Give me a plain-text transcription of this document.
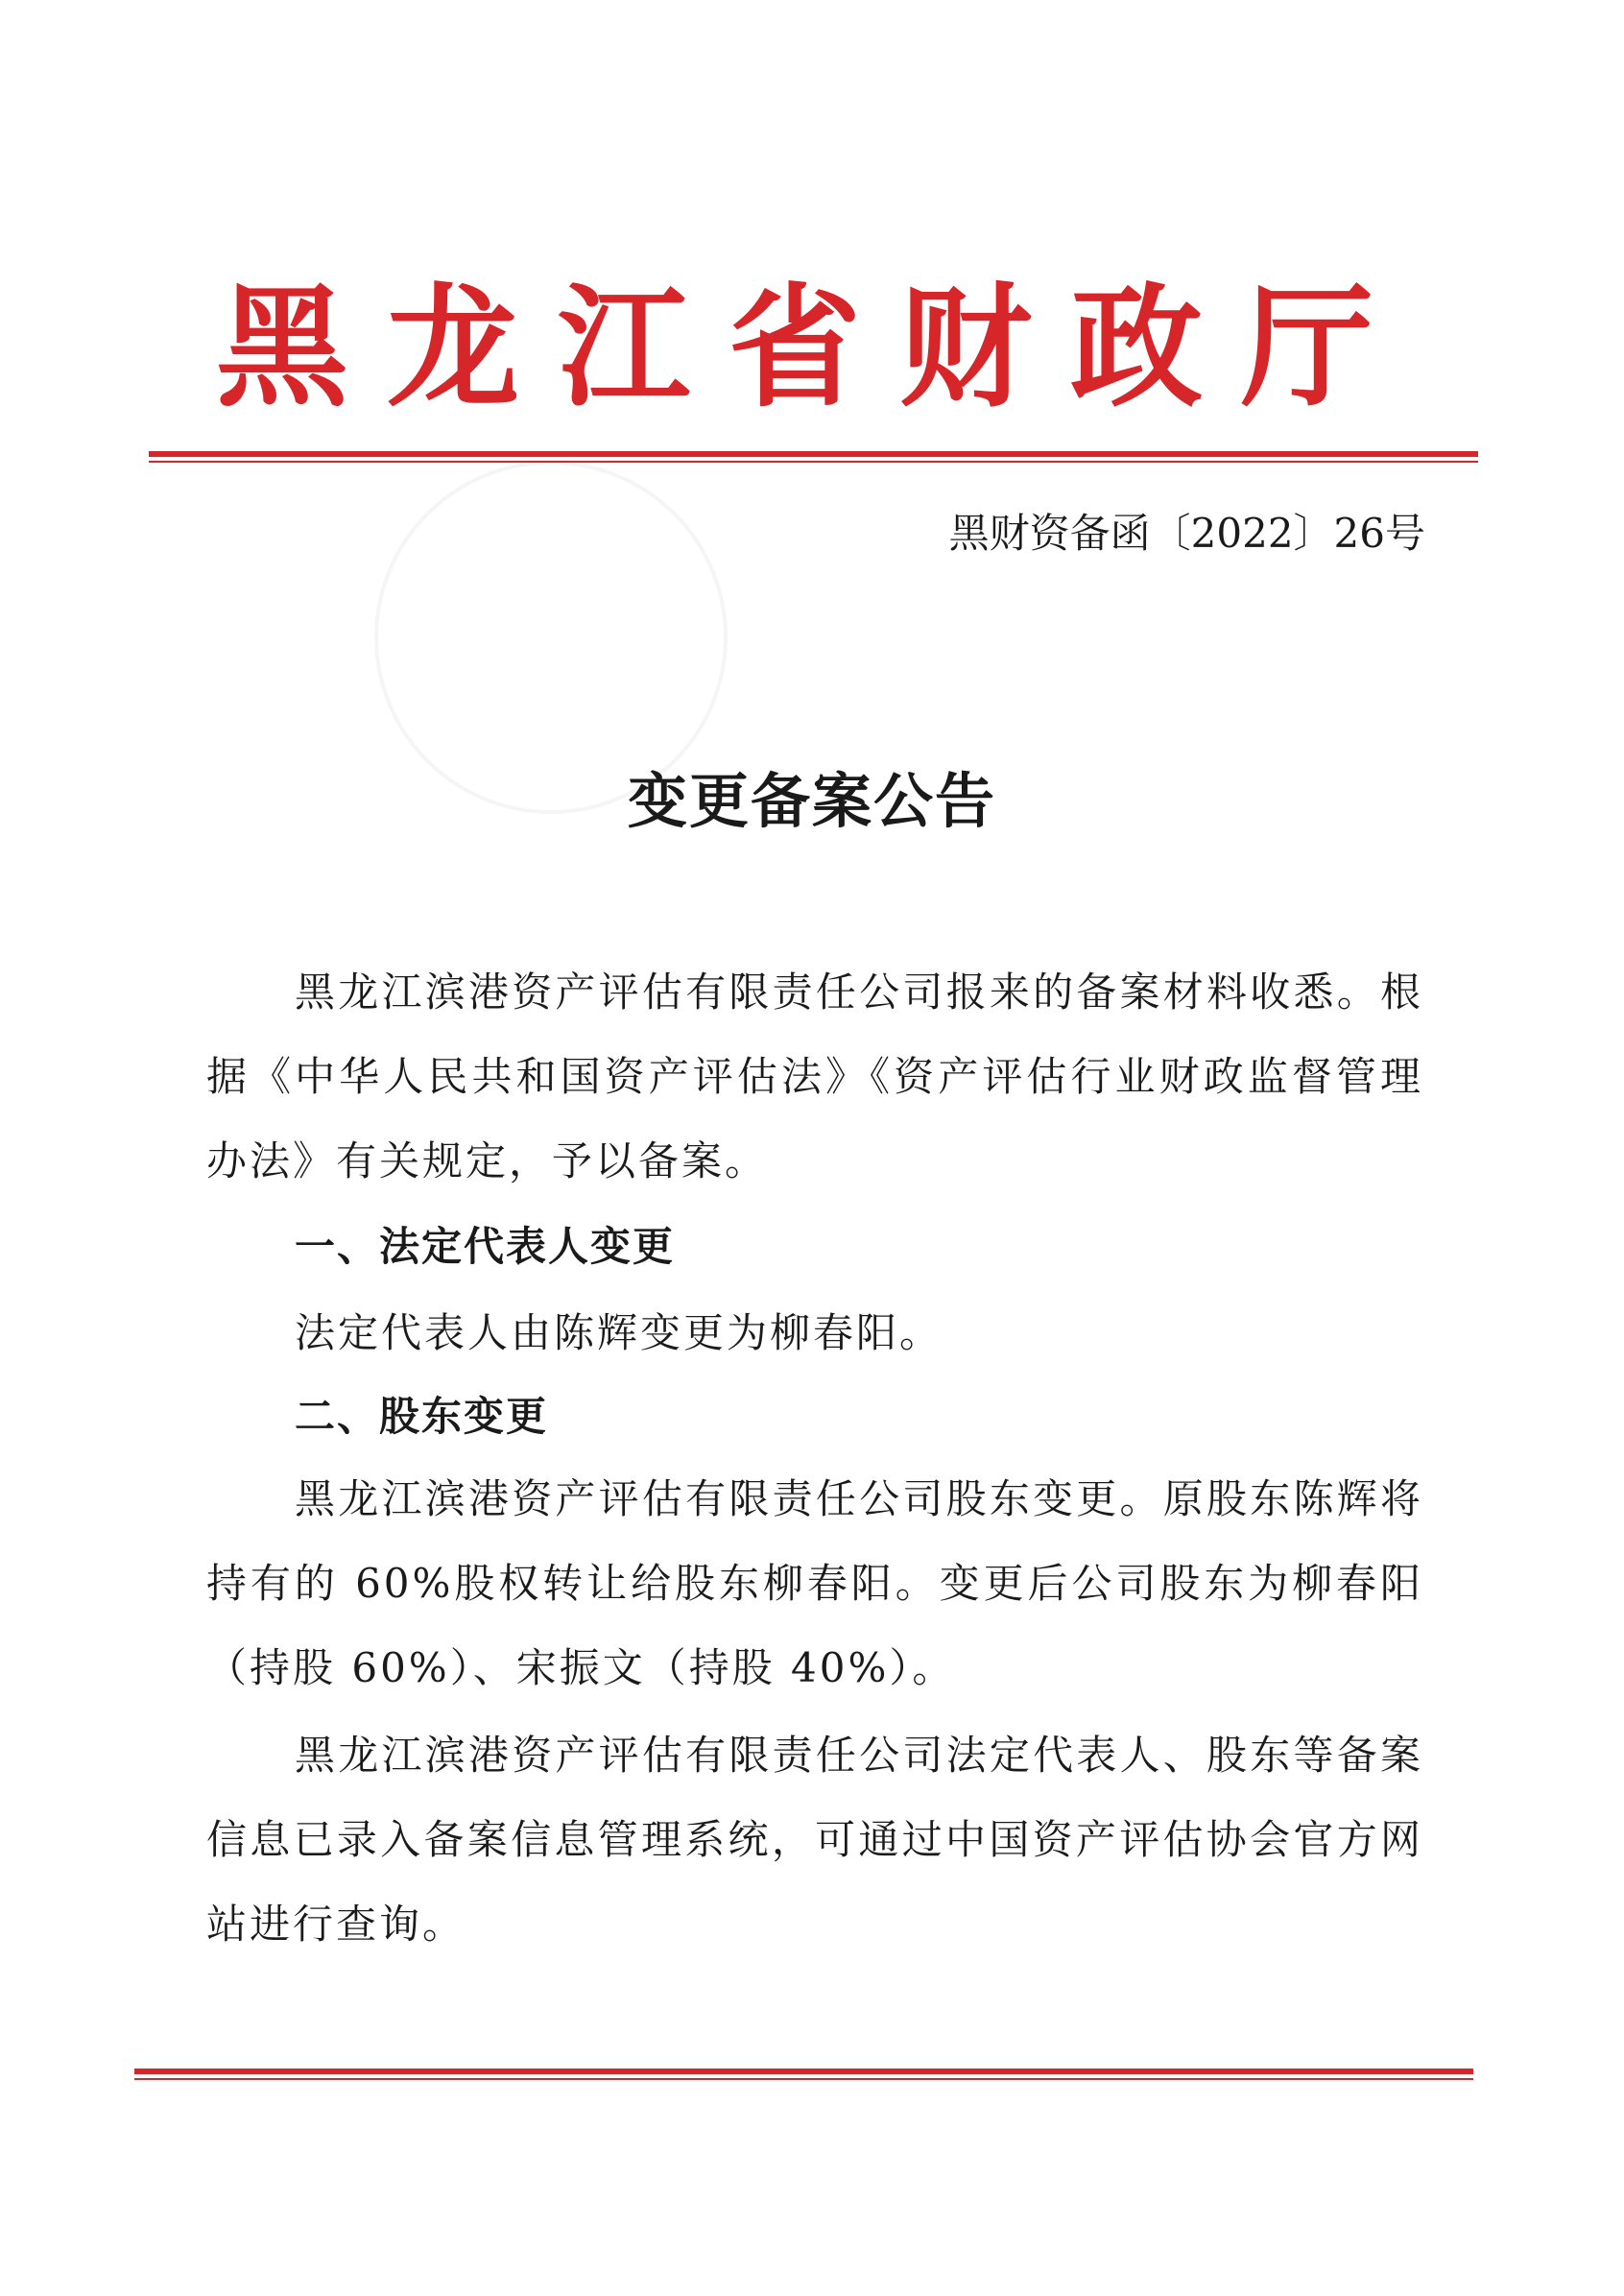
黑龙江省财政厅
黑财资备函〔2022〕26号
变更备案公告

黑龙江滨港资产评估有限责任公司报来的备案材料收悉。根据《中华人民共和国资产评估法》《资产评估行业财政监督管理办法》有关规定，予以备案。

一、法定代表人变更

法定代表人由陈辉变更为柳春阳。

二、股东变更

黑龙江滨港资产评估有限责任公司股东变更。原股东陈辉将持有的 60%股权转让给股东柳春阳。变更后公司股东为柳春阳（持股 60%）、宋振文（持股 40%）。

黑龙江滨港资产评估有限责任公司法定代表人、股东等备案信息已录入备案信息管理系统，可通过中国资产评估协会官方网站进行查询。
